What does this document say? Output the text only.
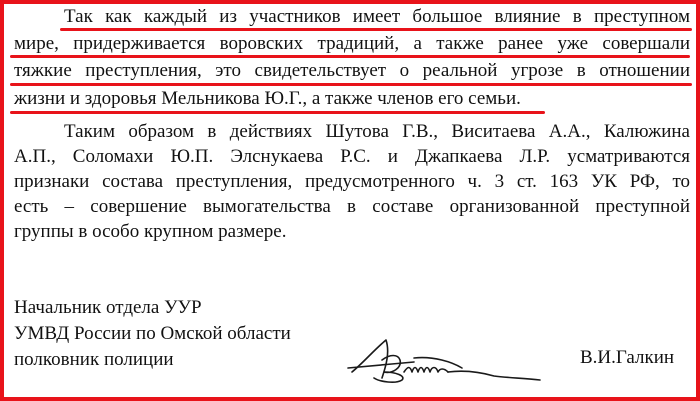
Так как каждый из участников имеет большое влияние в преступном
мире, придерживается воровских традиций, а также ранее уже совершали
тяжкие преступления, это свидетельствует о реальной угрозе в отношении
жизни и здоровья Мельникова Ю.Г., а также членов его семьи.
Таким образом в действиях Шутова Г.В., Виситаева А.А., Калюжина
А.П., Соломахи Ю.П. Элснукаева Р.С. и Джапкаева Л.Р. усматриваются
признаки состава преступления, предусмотренного ч. 3 ст. 163 УК РФ, то
есть – совершение вымогательства в составе организованной преступной
группы в особо крупном размере.
Начальник отдела УУР
УМВД России по Омской области
полковник полиции	В.И.Галкин
